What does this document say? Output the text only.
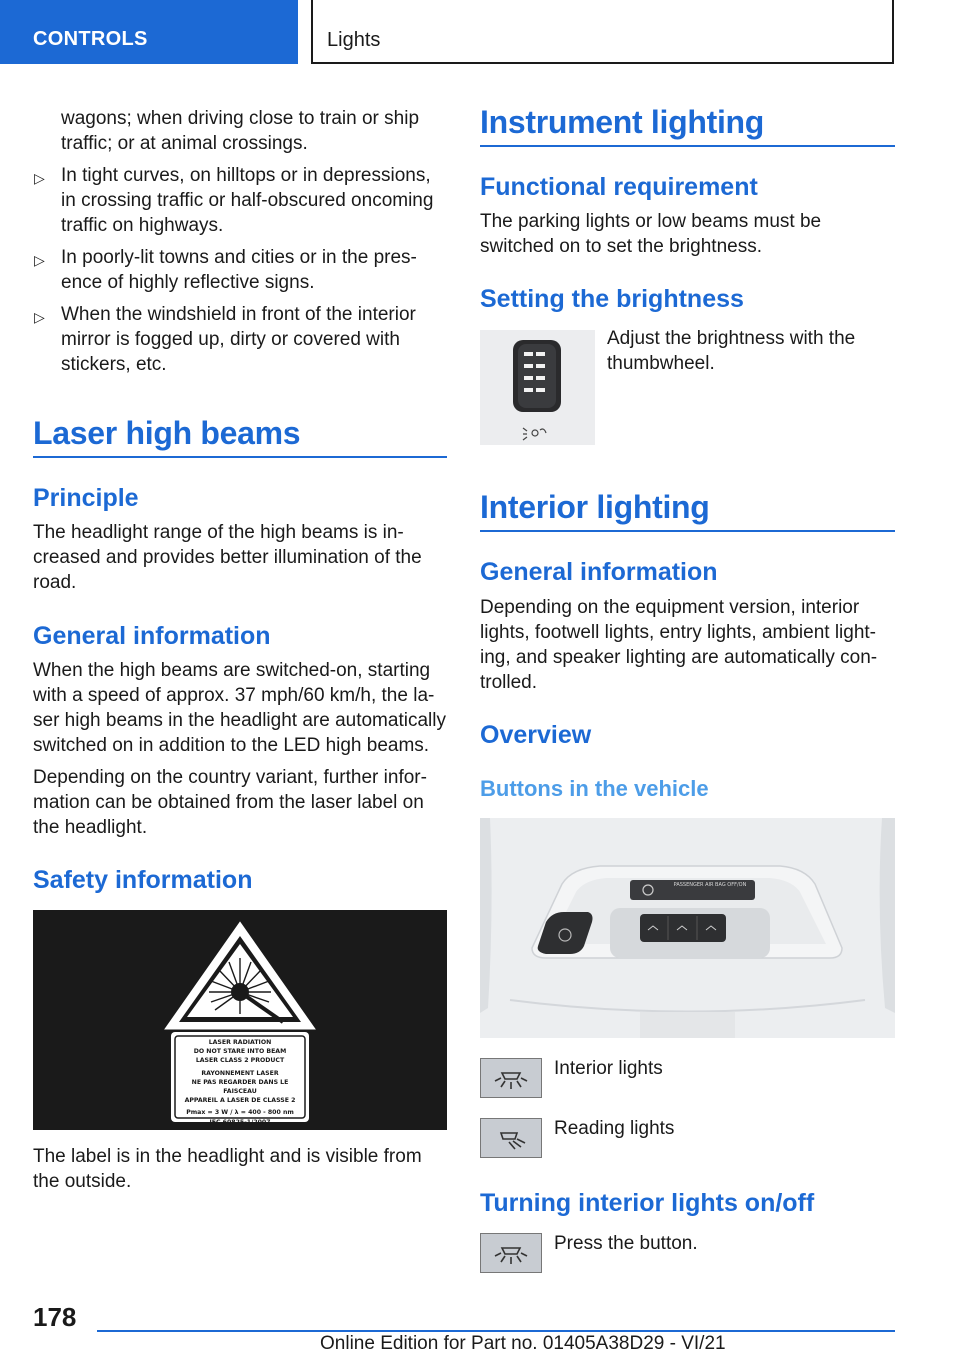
CONTROLS	Lights
wagons; when driving close to train or ship
traffic; or at animal crossings.
▷ In tight curves, on hilltops or in depressions,
in crossing traffic or half-obscured oncoming
traffic on highways.
▷ In poorly-lit towns and cities or in the pres-
ence of highly reflective signs.
▷ When the windshield in front of the interior
mirror is fogged up, dirty or covered with
stickers, etc.
Laser high beams
Principle
The headlight range of the high beams is in-
creased and provides better illumination of the
road.
General information
When the high beams are switched-on, starting
with a speed of approx. 37 mph/60 km/h, the la-
ser high beams in the headlight are automatically
switched on in addition to the LED high beams.
Depending on the country variant, further infor-
mation can be obtained from the laser label on
the headlight.
Safety information
LASER RADIATION
DO NOT STARE INTO BEAM
LASER CLASS 2 PRODUCT
RAYONNEMENT LASER
NE PAS REGARDER DANS LE FAISCEAU
APPAREIL A LASER DE CLASSE 2
Pmax = 3 W / λ = 400 - 800 nm
IEC 60825-1/2007
The label is in the headlight and is visible from
the outside.
Instrument lighting
Functional requirement
The parking lights or low beams must be
switched on to set the brightness.
Setting the brightness
Adjust the brightness with the
thumbwheel.
Interior lighting
General information
Depending on the equipment version, interior
lights, footwell lights, entry lights, ambient light-
ing, and speaker lighting are automatically con-
trolled.
Overview
Buttons in the vehicle
PASSENGER AIR BAG OFF/ON
Interior lights
Reading lights
Turning interior lights on/off
Press the button.
178
Online Edition for Part no. 01405A38D29 - VI/21
